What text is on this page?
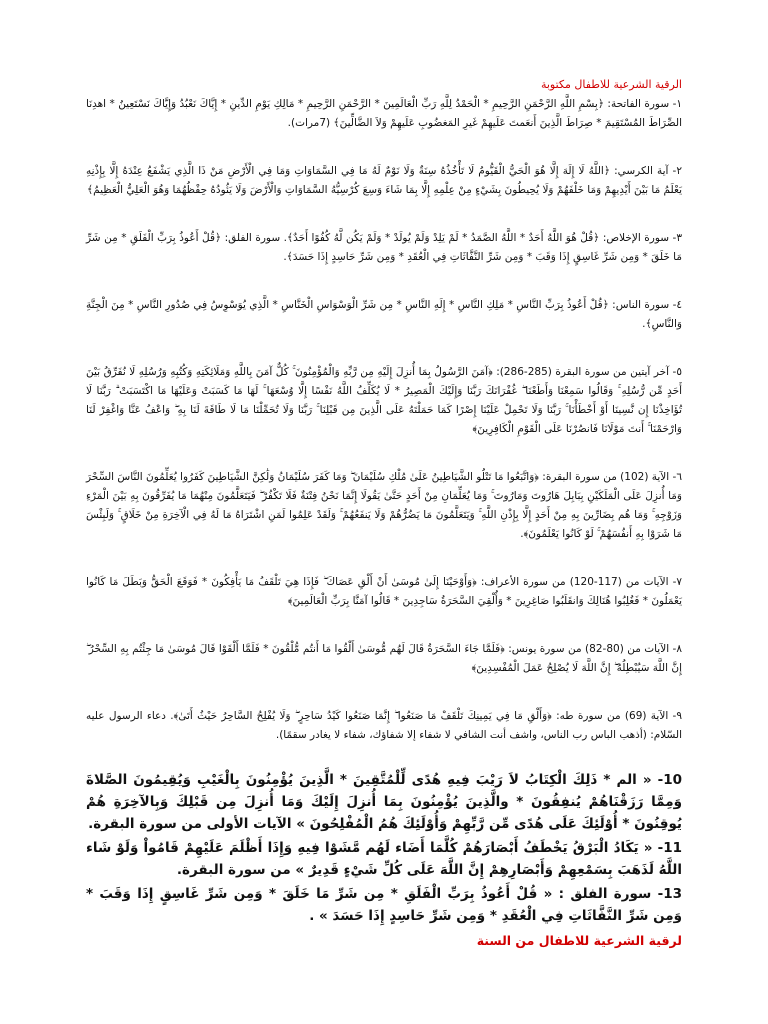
الرقية الشرعية للاطفال مكتوبة

١- سورة الفاتحة: ﴿بِسْمِ اللَّهِ الرَّحْمَنِ الرَّحِيمِ * الْحَمْدُ لِلَّهِ رَبِّ الْعَالَمِينَ * الرَّحْمَنِ الرَّحِيمِ * مَالِكِ يَوْمِ الدِّينِ * إِيَّاكَ نَعْبُدُ وَإِيَّاكَ نَسْتَعِينُ * اهدِنَا الصِّرَاطَ المُسْتَقِيمَ * صِرَاطَ الَّذِينَ أَنعَمتَ عَلَيهِمْ غَيرِ المَغضُوبِ عَلَيهِمْ وَلاَ الضَّالِّينَ﴾ (7مرات).

٢- آية الكرسي: ﴿اللَّهُ لَا إِلَهَ إِلَّا هُوَ الْحَيُّ الْقَيُّومُ لَا تَأْخُذُهُ سِنَةٌ وَلَا نَوْمٌ لَهُ مَا فِي السَّمَاوَاتِ وَمَا فِي الْأَرْضِ مَنْ ذَا الَّذِي يَشْفَعُ عِنْدَهُ إِلَّا بِإِذْنِهِ يَعْلَمُ مَا بَيْنَ أَيْدِيهِمْ وَمَا خَلْفَهُمْ وَلَا يُحِيطُونَ بِشَيْءٍ مِنْ عِلْمِهِ إِلَّا بِمَا شَاءَ وَسِعَ كُرْسِيُّهُ السَّمَاوَاتِ وَالْأَرْضَ وَلَا يَئُودُهُ حِفْظُهُمَا وَهُوَ الْعَلِيُّ الْعَظِيمُ﴾

٣- سورة الإخلاص: ﴿قُلْ هُوَ اللَّهُ أَحَدٌ * اللَّهُ الصَّمَدُ * لَمْ يَلِدْ وَلَمْ يُولَدْ * وَلَمْ يَكُن لَّهُ كُفُوًا أَحَدٌ﴾. سورة الفلق: ﴿قُلْ أَعُوذُ بِرَبِّ الْفَلَقِ * مِن شَرِّ مَا خَلَقَ * وَمِن شَرِّ غَاسِقٍ إِذَا وَقَبَ * وَمِن شَرِّ النَّفَّاثَاتِ فِي الْعُقَدِ * وَمِن شَرِّ حَاسِدٍ إِذَا حَسَدَ﴾.

٤- سورة الناس: ﴿قُلْ أَعُوذُ بِرَبِّ النَّاسِ * مَلِكِ النَّاسِ * إِلَهِ النَّاسِ * مِن شَرِّ الْوَسْوَاسِ الْخَنَّاسِ * الَّذِي يُوَسْوِسُ فِي صُدُورِ النَّاسِ * مِنَ الْجِنَّةِ وَالنَّاسِ﴾.

٥- آخر آيتين من سورة البقرة (285-286): ﴿آمَنَ الرَّسُولُ بِمَا أُنزِلَ إِلَيْهِ مِن رَّبِّهِ وَالْمُؤْمِنُونَ ۚ كُلٌّ آمَنَ بِاللَّهِ وَمَلَائِكَتِهِ وَكُتُبِهِ وَرُسُلِهِ لَا نُفَرِّقُ بَيْنَ أَحَدٍ مِّن رُّسُلِهِ ۚ وَقَالُوا سَمِعْنَا وَأَطَعْنَا ۖ غُفْرَانَكَ رَبَّنَا وَإِلَيْكَ الْمَصِيرُ * لَا يُكَلِّفُ اللَّهُ نَفْسًا إِلَّا وُسْعَهَا ۚ لَهَا مَا كَسَبَتْ وَعَلَيْهَا مَا اكْتَسَبَتْ ۗ رَبَّنَا لَا تُؤَاخِذْنَا إِن نَّسِينَا أَوْ أَخْطَأْنَا ۚ رَبَّنَا وَلَا تَحْمِلْ عَلَيْنَا إِصْرًا كَمَا حَمَلْتَهُ عَلَى الَّذِينَ مِن قَبْلِنَا ۚ رَبَّنَا وَلَا تُحَمِّلْنَا مَا لَا طَاقَةَ لَنَا بِهِ ۖ وَاعْفُ عَنَّا وَاغْفِرْ لَنَا وَارْحَمْنَا ۚ أَنتَ مَوْلَانَا فَانصُرْنَا عَلَى الْقَوْمِ الْكَافِرِينَ﴾

٦- الآية (102) من سورة البقرة: ﴿وَاتَّبَعُوا مَا تَتْلُو الشَّيَاطِينُ عَلَىٰ مُلْكِ سُلَيْمَانَ ۖ وَمَا كَفَرَ سُلَيْمَانُ وَلَٰكِنَّ الشَّيَاطِينَ كَفَرُوا يُعَلِّمُونَ النَّاسَ السِّحْرَ وَمَا أُنزِلَ عَلَى الْمَلَكَيْنِ بِبَابِلَ هَارُوتَ وَمَارُوتَ ۚ وَمَا يُعَلِّمَانِ مِنْ أَحَدٍ حَتَّىٰ يَقُولَا إِنَّمَا نَحْنُ فِتْنَةٌ فَلَا تَكْفُرْ ۖ فَيَتَعَلَّمُونَ مِنْهُمَا مَا يُفَرِّقُونَ بِهِ بَيْنَ الْمَرْءِ وَزَوْجِهِ ۚ وَمَا هُم بِضَارِّينَ بِهِ مِنْ أَحَدٍ إِلَّا بِإِذْنِ اللَّهِ ۚ وَيَتَعَلَّمُونَ مَا يَضُرُّهُمْ وَلَا يَنفَعُهُمْ ۚ وَلَقَدْ عَلِمُوا لَمَنِ اشْتَرَاهُ مَا لَهُ فِي الْآخِرَةِ مِنْ خَلَاقٍ ۚ وَلَبِئْسَ مَا شَرَوْا بِهِ أَنفُسَهُمْ ۚ لَوْ كَانُوا يَعْلَمُونَ﴾.

٧- الآيات من (117-120) من سورة الأعراف: ﴿وَأَوْحَيْنَا إِلَىٰ مُوسَىٰ أَنْ أَلْقِ عَصَاكَ ۖ فَإِذَا هِيَ تَلْقَفُ مَا يَأْفِكُونَ * فَوَقَعَ الْحَقُّ وَبَطَلَ مَا كَانُوا يَعْمَلُونَ * فَغُلِبُوا هُنَالِكَ وَانقَلَبُوا صَاغِرِينَ * وَأُلْقِيَ السَّحَرَةُ سَاجِدِينَ * قَالُوا آمَنَّا بِرَبِّ الْعَالَمِينَ﴾

٨- الآيات من (80-82) من سورة يونس: ﴿فَلَمَّا جَاءَ السَّحَرَةُ قَالَ لَهُم مُّوسَىٰ أَلْقُوا مَا أَنتُم مُّلْقُونَ * فَلَمَّا أَلْقَوْا قَالَ مُوسَىٰ مَا جِئْتُم بِهِ السِّحْرُ ۖ إِنَّ اللَّهَ سَيُبْطِلُهُ ۖ إِنَّ اللَّهَ لَا يُصْلِحُ عَمَلَ الْمُفْسِدِينَ﴾

٩- الآية (69) من سورة طه: ﴿وَأَلْقِ مَا فِي يَمِينِكَ تَلْقَفْ مَا صَنَعُوا ۖ إِنَّمَا صَنَعُوا كَيْدُ سَاحِرٍ ۖ وَلَا يُفْلِحُ السَّاحِرُ حَيْثُ أَتَىٰ﴾. دعاء الرسول عليه السّلام: (أذهب الباس رب الناس، واشف أنت الشافي لا شفاء إلا شفاؤك، شفاء لا يغادر سقمًا).

10- « الم * ذَلِكَ الْكِتَابُ لاَ رَيْبَ فِيهِ هُدًى لِّلْمُتَّقِينَ * الَّذِينَ يُؤْمِنُونَ بِالْغَيْبِ وَيُقِيمُونَ الصَّلاةَ وَمِمَّا رَزَقْنَاهُمْ يُنفِقُونَ * والَّذِينَ يُؤْمِنُونَ بِمَا أُنزِلَ إِلَيْكَ وَمَا أُنزِلَ مِن قَبْلِكَ وَبِالآخِرَةِ هُمْ يُوقِنُونَ * أُوْلَئِكَ عَلَى هُدًى مِّن رَّبِّهِمْ وَأُوْلَئِكَ هُمُ الْمُفْلِحُونَ » الآيات الأولى من سورة البقرة.

11- « يَكَادُ الْبَرْقُ يَخْطَفُ أَبْصَارَهُمْ كُلَّمَا أَضَاء لَهُم مَّشَوْا فِيهِ وَإِذَا أَظْلَمَ عَلَيْهِمْ قَامُواْ وَلَوْ شَاء اللَّهُ لَذَهَبَ بِسَمْعِهِمْ وَأَبْصَارِهِمْ إِنَّ اللَّهَ عَلَى كُلِّ شَيْءٍ قَدِيرٌ » من سورة البقرة.

13- سورة الفلق : « قُلْ أَعُوذُ بِرَبِّ الْفَلَقِ * مِن شَرِّ مَا خَلَقَ * وَمِن شَرِّ غَاسِقٍ إِذَا وَقَبَ * وَمِن شَرِّ النَّفَّاثَاتِ فِي الْعُقَدِ * وَمِن شَرِّ حَاسِدٍ إِذَا حَسَدَ » .

لرقية الشرعية للاطفال من السنة
